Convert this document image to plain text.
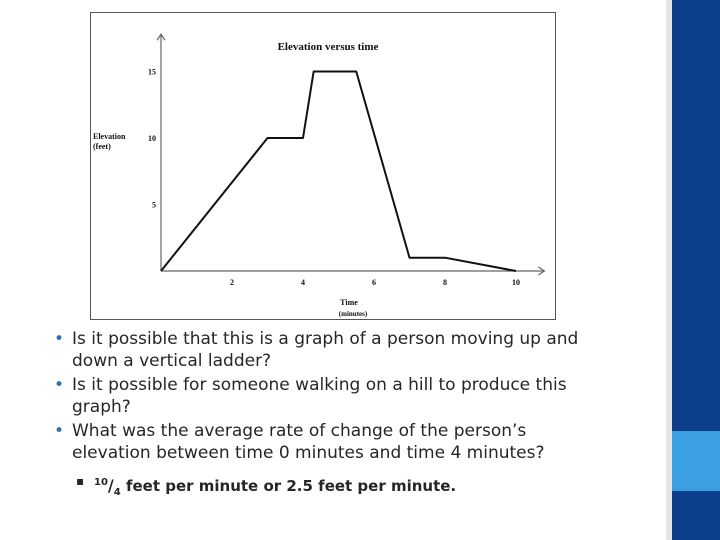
Elevation versus time
Elevation
(feet)
Time
(minutes)
2	4	6	8	10
5
10
15
• Is it possible that this is a graph of a person moving up and down a vertical ladder?
• Is it possible for someone walking on a hill to produce this graph?
• What was the average rate of change of the person’s elevation between time 0 minutes and time 4 minutes?
▪ $^{10}/_4$ feet per minute or 2.5 feet per minute.
